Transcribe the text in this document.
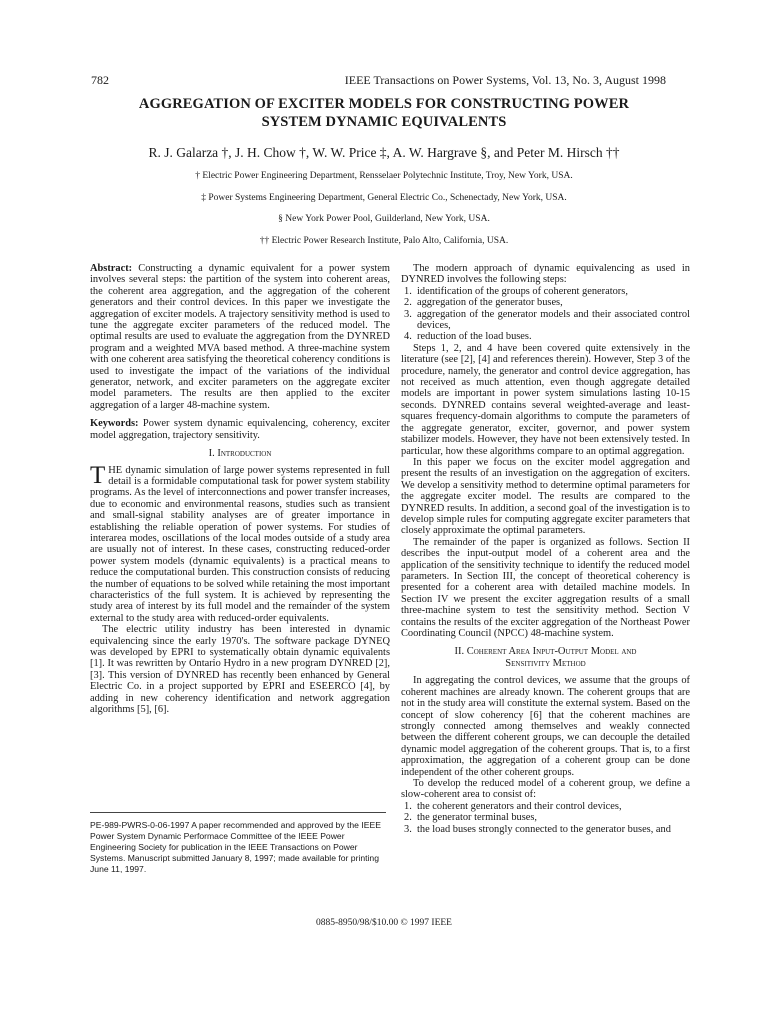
782	IEEE Transactions on Power Systems, Vol. 13, No. 3, August 1998
AGGREGATION OF EXCITER MODELS FOR CONSTRUCTING POWER
SYSTEM DYNAMIC EQUIVALENTS
R. J. Galarza †, J. H. Chow †, W. W. Price ‡, A. W. Hargrave §, and Peter M. Hirsch ††
† Electric Power Engineering Department, Rensselaer Polytechnic Institute, Troy, New York, USA.
‡ Power Systems Engineering Department, General Electric Co., Schenectady, New York, USA.
§ New York Power Pool, Guilderland, New York, USA.
†† Electric Power Research Institute, Palo Alto, California, USA.

Abstract: Constructing a dynamic equivalent for a power system involves several steps: the partition of the system into coherent areas, the coherent area aggregation, and the aggregation of the coherent generators and their control devices. In this paper we investigate the aggregation of exciter models. A trajectory sensitivity method is used to tune the aggregate exciter parameters of the reduced model. The optimal results are used to evaluate the aggregation from the DYNRED program and a weighted MVA based method. A three-machine system with one coherent area satisfying the theoretical coherency conditions is used to investigate the impact of the variations of the individual generator, network, and exciter parameters on the aggregate exciter model parameters. The results are then applied to the exciter aggregation of a larger 48-machine system.

Keywords: Power system dynamic equivalencing, coherency, exciter model aggregation, trajectory sensitivity.

I. Introduction

THE dynamic simulation of large power systems represented in full detail is a formidable computational task for power system stability programs. As the level of interconnections and power transfer increases, due to economic and environmental reasons, studies such as transient and small-signal stability analyses are of greater importance in establishing the reliable operation of power systems. For studies of interarea modes, oscillations of the local modes outside of a study area are usually not of interest. In these cases, constructing reduced-order power system models (dynamic equivalents) is a practical means to reduce the computational burden. This construction consists of reducing the number of equations to be solved while retaining the most important characteristics of the full system. It is achieved by representing the study area of interest by its full model and the remainder of the system external to the study area with reduced-order equivalents.

The electric utility industry has been interested in dynamic equivalencing since the early 1970's. The software package DYNEQ was developed by EPRI to systematically obtain dynamic equivalents [1]. It was rewritten by Ontario Hydro in a new program DYNRED [2], [3]. This version of DYNRED has recently been enhanced by General Electric Co. in a project supported by EPRI and ESEERCO [4], by adding in new coherency identification and network aggregation algorithms [5], [6].

PE-989-PWRS-0-06-1997 A paper recommended and approved by the IEEE Power System Dynamic Performace Committee of the IEEE Power Engineering Society for publication in the IEEE Transactions on Power Systems. Manuscript submitted January 8, 1997; made available for printing June 11, 1997.

The modern approach of dynamic equivalencing as used in DYNRED involves the following steps:

1. identification of the groups of coherent generators,
2. aggregation of the generator buses,
3. aggregation of the generator models and their associated control devices,
4. reduction of the load buses.

Steps 1, 2, and 4 have been covered quite extensively in the literature (see [2], [4] and references therein). However, Step 3 of the procedure, namely, the generator and control device aggregation, has not received as much attention, even though aggregate detailed models are important in power system simulations lasting 10-15 seconds. DYNRED contains several weighted-average and least-squares frequency-domain algorithms to compute the parameters of the aggregate generator, exciter, governor, and power system stabilizer models. However, they have not been extensively tested. In particular, how these algorithms compare to an optimal aggregation.

In this paper we focus on the exciter model aggregation and present the results of an investigation on the aggregation of exciters. We develop a sensitivity method to determine optimal parameters for the aggregate exciter model. The results are compared to the DYNRED results. In addition, a second goal of the investigation is to develop simple rules for computing aggregate exciter parameters that closely approximate the optimal parameters.

The remainder of the paper is organized as follows. Section II describes the input-output model of a coherent area and the application of the sensitivity technique to identify the reduced model parameters. In Section III, the concept of theoretical coherency is presented for a coherent area with detailed machine models. In Section IV we present the exciter aggregation results of a small three-machine system to test the sensitivity method. Section V contains the results of the exciter aggregation of the Northeast Power Coordinating Council (NPCC) 48-machine system.

II. Coherent Area Input-Output Model and
Sensitivity Method

In aggregating the control devices, we assume that the groups of coherent machines are already known. The coherent groups that are not in the study area will constitute the external system. Based on the concept of slow coherency [6] that the coherent machines are strongly connected among themselves and weakly connected between the different coherent groups, we can decouple the detailed dynamic model aggregation of the coherent groups. That is, to a first approximation, the aggregation of a coherent group can be done independent of the other coherent groups.

To develop the reduced model of a coherent group, we define a slow-coherent area to consist of:

1. the coherent generators and their control devices,
2. the generator terminal buses,
3. the load buses strongly connected to the generator buses, and
0885-8950/98/$10.00 © 1997 IEEE
